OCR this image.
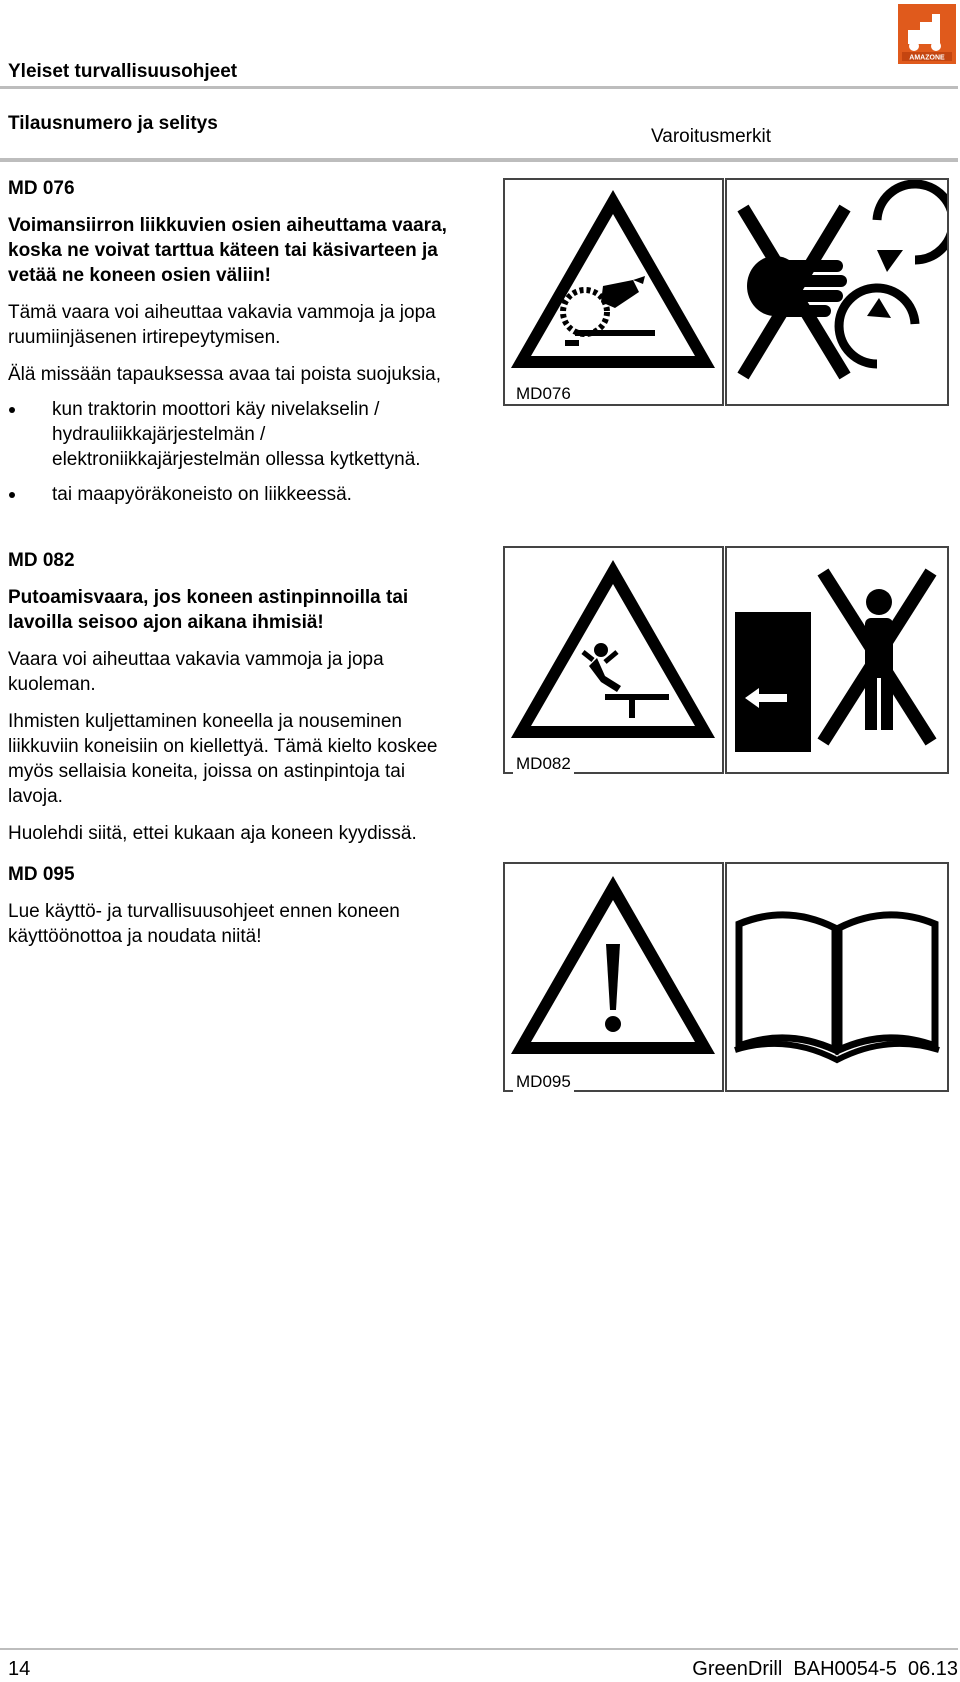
AMAZONE
Yleiset turvallisuusohjeet
Tilausnumero ja selitys
Varoitusmerkit

MD 076

Voimansiirron liikkuvien osien aiheuttama vaara, koska ne voivat tarttua käteen tai käsivarteen ja vetää ne koneen osien väliin!

Tämä vaara voi aiheuttaa vakavia vammoja ja jopa ruumiinjäsenen irtirepeytymisen.

Älä missään tapauksessa avaa tai poista suojuksia,

kun traktorin moottori käy nivelakselin / hydrauliikkajärjestelmän / elektroniikkajärjestelmän ollessa kytkettynä.
tai maapyöräkoneisto on liikkeessä.
MD076

MD 082

Putoamisvaara, jos koneen astinpinnoilla tai lavoilla seisoo ajon aikana ihmisiä!

Vaara voi aiheuttaa vakavia vammoja ja jopa kuoleman.

Ihmisten kuljettaminen koneella ja nouseminen liikkuviin koneisiin on kiellettyä. Tämä kielto koskee myös sellaisia koneita, joissa on astinpintoja tai lavoja.

Huolehdi siitä, ettei kukaan aja koneen kyydissä.

MD082

MD 095

Lue käyttö- ja turvallisuusohjeet ennen koneen käyttöönottoa ja noudata niitä!

MD095
14	GreenDrill  BAH0054-5  06.13
